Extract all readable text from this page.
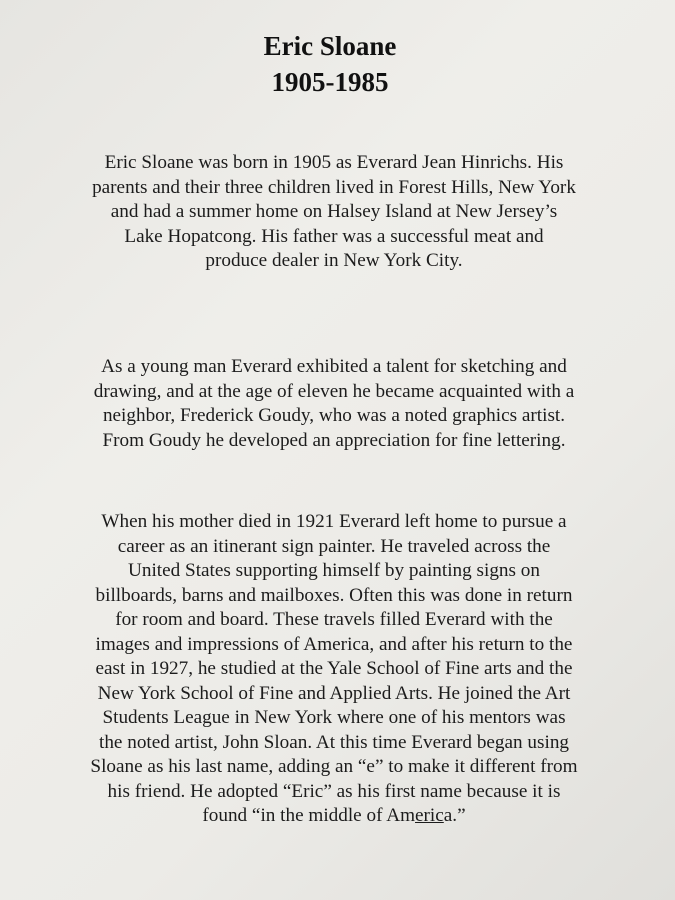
Eric Sloane
1905-1985
Eric Sloane was born in 1905 as Everard Jean Hinrichs. His
parents and their three children lived in Forest Hills, New York
and had a summer home on Halsey Island at New Jersey’s
Lake Hopatcong. His father was a successful meat and
produce dealer in New York City.
As a young man Everard exhibited a talent for sketching and
drawing, and at the age of eleven he became acquainted with a
neighbor, Frederick Goudy, who was a noted graphics artist.
From Goudy he developed an appreciation for fine lettering.
When his mother died in 1921 Everard left home to pursue a
career as an itinerant sign painter. He traveled across the
United States supporting himself by painting signs on
billboards, barns and mailboxes. Often this was done in return
for room and board. These travels filled Everard with the
images and impressions of America, and after his return to the
east in 1927, he studied at the Yale School of Fine arts and the
New York School of Fine and Applied Arts. He joined the Art
Students League in New York where one of his mentors was
the noted artist, John Sloan. At this time Everard began using
Sloane as his last name, adding an “e” to make it different from
his friend. He adopted “Eric” as his first name because it is
found “in the middle of America.”
